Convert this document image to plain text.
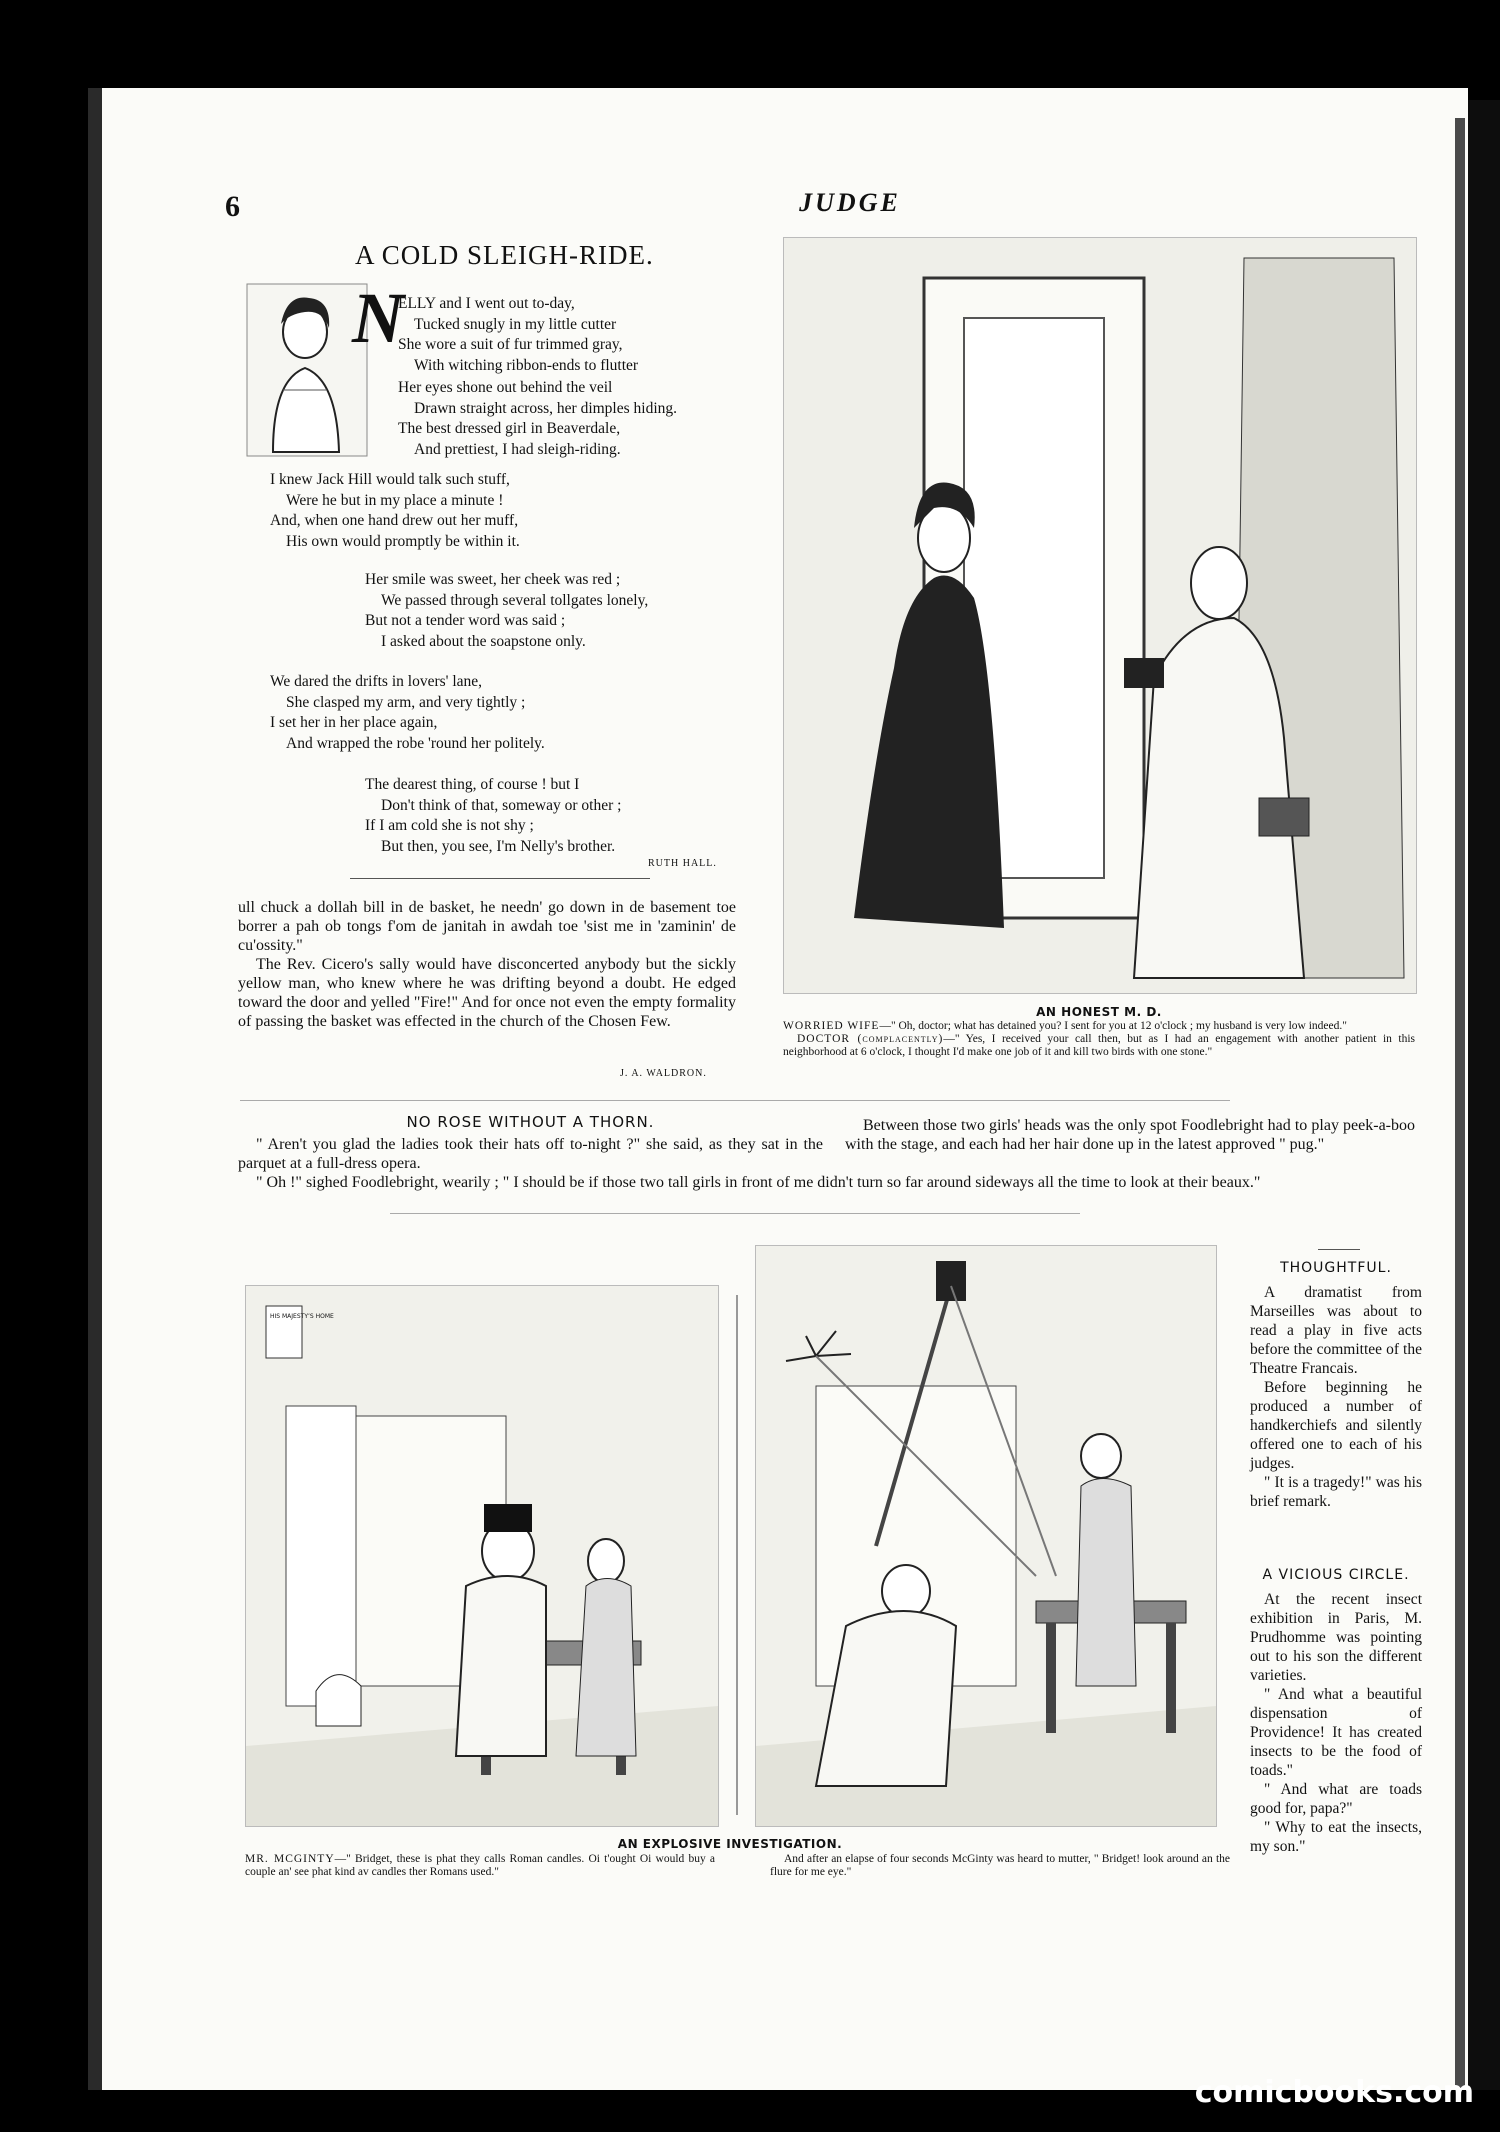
6	JUDGE
A COLD SLEIGH-RIDE.
N
ELLY and I went out to-day,
Tucked snugly in my little cutter
She wore a suit of fur trimmed gray,
With witching ribbon-ends to flutter
Her eyes shone out behind the veil
Drawn straight across, her dimples hiding.
The best dressed girl in Beaverdale,
And prettiest, I had sleigh-riding.
I knew Jack Hill would talk such stuff,
Were he but in my place a minute !
And, when one hand drew out her muff,
His own would promptly be within it.
Her smile was sweet, her cheek was red ;
We passed through several tollgates lonely,
But not a tender word was said ;
I asked about the soapstone only.
We dared the drifts in lovers' lane,
She clasped my arm, and very tightly ;
I set her in her place again,
And wrapped the robe 'round her politely.
The dearest thing, of course ! but I
Don't think of that, someway or other ;
If I am cold she is not shy ;
But then, you see, I'm Nelly's brother.
RUTH HALL.

ull chuck a dollah bill in de basket, he needn' go down in de basement toe borrer a pah ob tongs f'om de janitah in awdah toe 'sist me in 'zaminin' de cu'ossity."

The Rev. Cicero's sally would have disconcerted anybody but the sickly yellow man, who knew where he was drifting beyond a doubt. He edged toward the door and yelled "Fire!" And for once not even the empty formality of passing the basket was effected in the church of the Chosen Few.

J. A. WALDRON.
AN HONEST M. D.
WORRIED WIFE—" Oh, doctor; what has detained you? I sent for you at 12 o'clock ; my husband is very low indeed."
DOCTOR (complacently)—" Yes, I received your call then, but as I had an engagement with another patient in this neighborhood at 6 o'clock, I thought I'd make one job of it and kill two birds with one stone."
NO ROSE WITHOUT A THORN.

" Aren't you glad the ladies took their hats off to-night ?" she said, as they sat in the parquet at a full-dress opera.

" Oh !" sighed Foodlebright, wearily ; " I should be if those two tall girls in front of me didn't turn so far around sideways all the time to look at their beaux."

Between those two girls' heads was the only spot Foodlebright had to play peek-a-boo with the stage, and each had her hair done up in the latest approved " pug."

HIS MAJESTY’S HOME
AN EXPLOSIVE INVESTIGATION.
MR. MCGINTY—" Bridget, these is phat they calls Roman candles. Oi t'ought Oi would buy a couple an' see phat kind av candles ther Romans used."
And after an elapse of four seconds McGinty was heard to mutter, " Bridget! look around an the flure for me eye."
THOUGHTFUL.

A dramatist from Marseilles was about to read a play in five acts before the committee of the Theatre Francais.

Before beginning he produced a number of handkerchiefs and silently offered one to each of his judges.

" It is a tragedy!" was his brief remark.

A VICIOUS CIRCLE.

At the recent insect exhibition in Paris, M. Prudhomme was pointing out to his son the different varieties.

" And what a beautiful dispensation of Providence! It has created insects to be the food of toads."

" And what are toads good for, papa?"

" Why to eat the insects, my son."

comicbooks.com
